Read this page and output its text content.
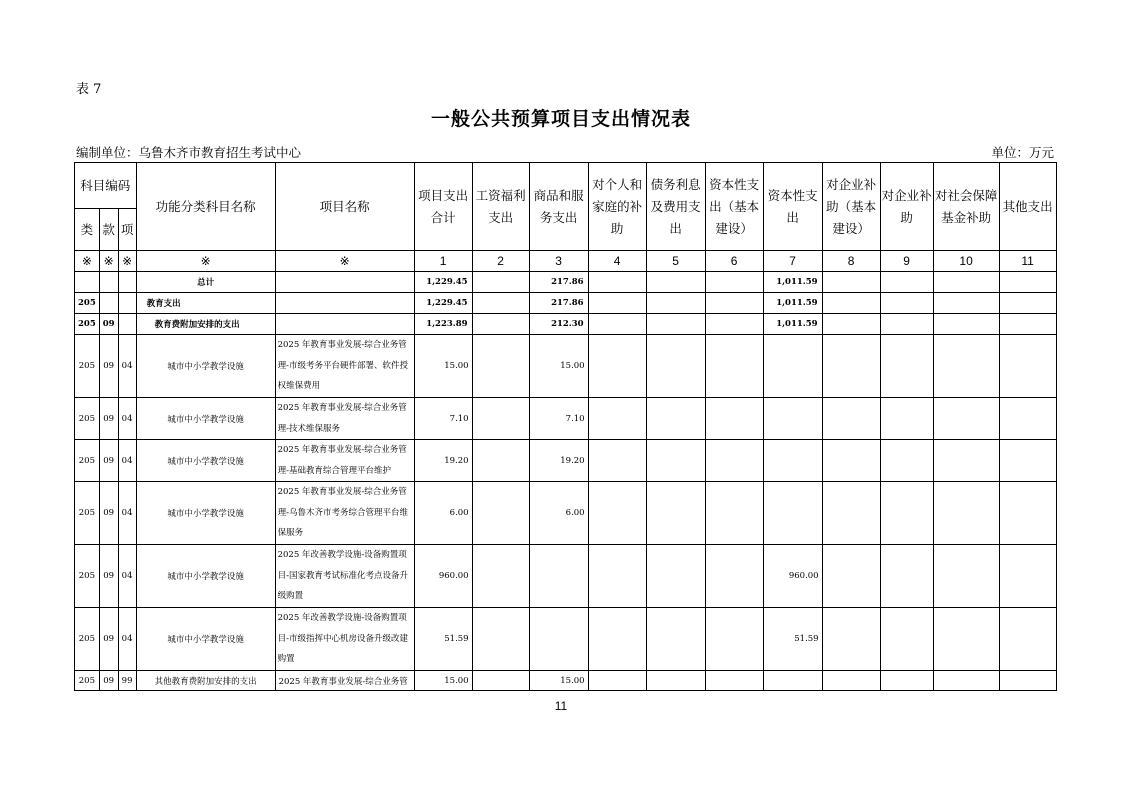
表 7
一般公共预算项目支出情况表
编制单位：乌鲁木齐市教育招生考试中心	单位：万元
科目编码			功能分类科目名称	项目名称	项目支出合计	工资福利支出	商品和服务支出	对个人和家庭的补助	债务利息及费用支出	资本性支出（基本建设）	资本性支出	对企业补助（基本建设）	对企业补助	对社会保障基金补助	其他支出
类	款	项													
※	※	※	※	※	1	2	3	4	5	6	7	8	9	10	11
			总计		1,229.45		217.86				1,011.59				
205			教育支出		1,229.45		217.86				1,011.59				
205	09		教育费附加安排的支出		1,223.89		212.30				1,011.59				
205	09	04	城市中小学教学设施	2025 年教育事业发展-综合业务管理-市级考务平台硬件部署、软件授权维保费用	15.00		15.00								
205	09	04	城市中小学教学设施	2025 年教育事业发展-综合业务管理-技术维保服务	7.10		7.10								
205	09	04	城市中小学教学设施	2025 年教育事业发展-综合业务管理-基础教育综合管理平台维护	19.20		19.20								
205	09	04	城市中小学教学设施	2025 年教育事业发展-综合业务管理-乌鲁木齐市考务综合管理平台维保服务	6.00		6.00								
205	09	04	城市中小学教学设施	2025 年改善教学设施-设备购置项目-国家教育考试标准化考点设备升级购置	960.00						960.00				
205	09	04	城市中小学教学设施	2025 年改善教学设施-设备购置项目-市级指挥中心机房设备升级改建购置	51.59						51.59				
205	09	99	其他教育费附加安排的支出	2025 年教育事业发展-综合业务管	15.00		15.00								
11
